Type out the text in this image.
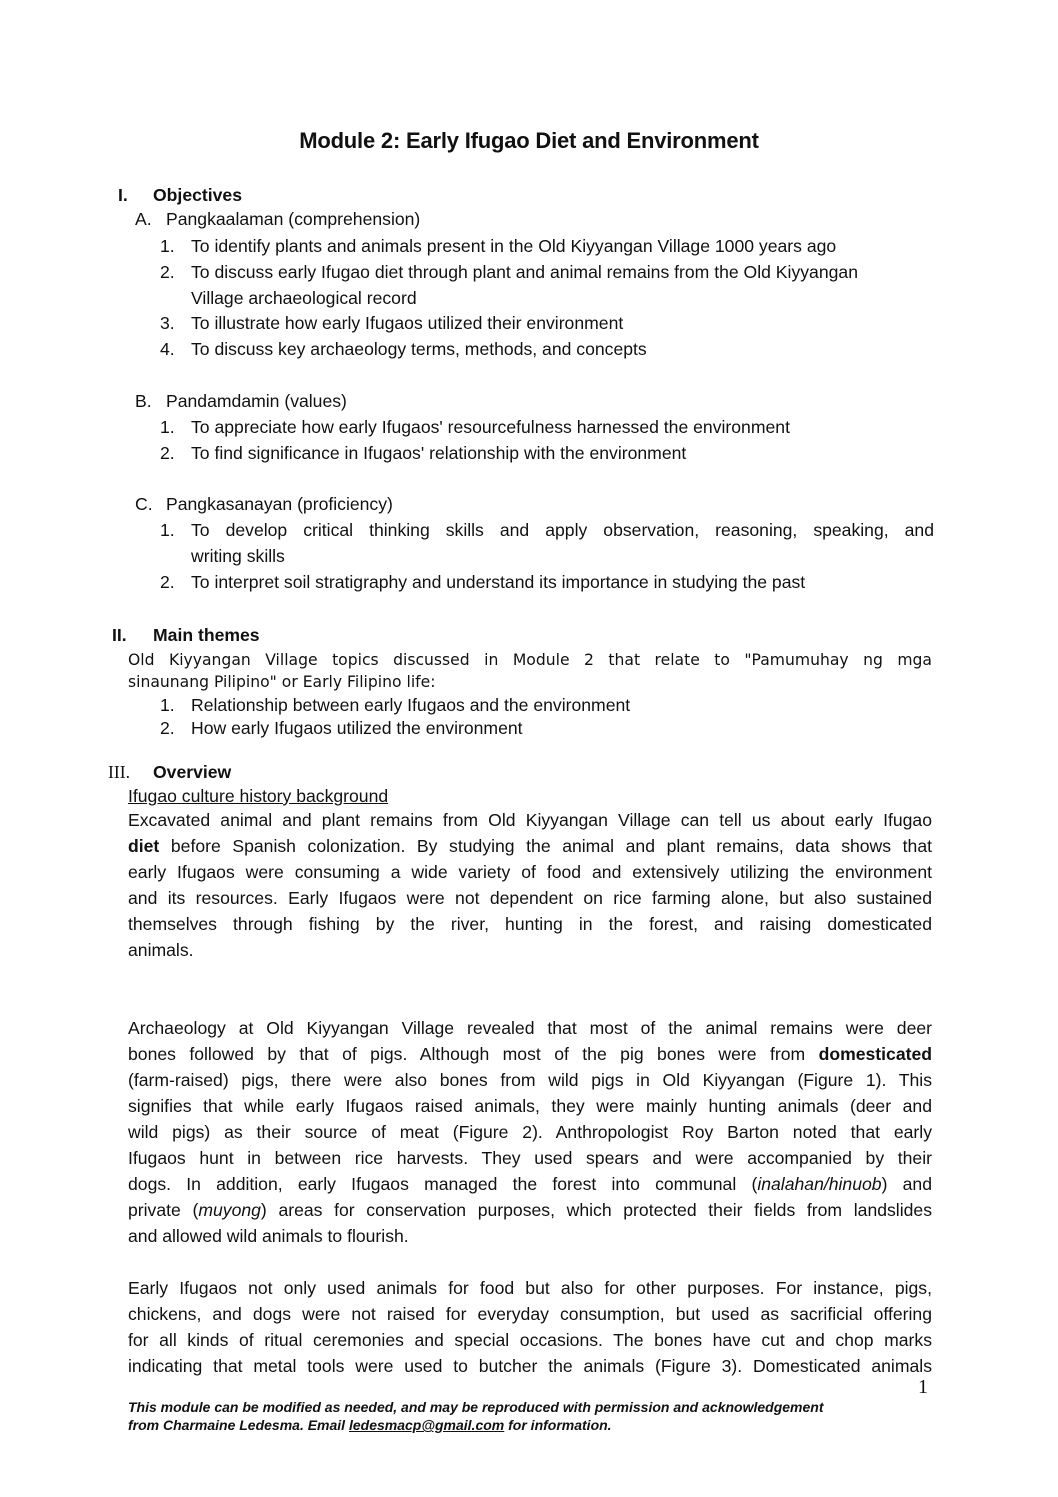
Module 2: Early Ifugao Diet and Environment
I. Objectives
A. Pangkaalaman (comprehension)
1. To identify plants and animals present in the Old Kiyyangan Village 1000 years ago
2. To discuss early Ifugao diet through plant and animal remains from the Old Kiyyangan
Village archaeological record
3. To illustrate how early Ifugaos utilized their environment
4. To discuss key archaeology terms, methods, and concepts
B. Pandamdamin (values)
1. To appreciate how early Ifugaos' resourcefulness harnessed the environment
2. To find significance in Ifugaos' relationship with the environment
C. Pangkasanayan (proficiency)
1. To develop critical thinking skills and apply observation, reasoning, speaking, and
writing skills
2. To interpret soil stratigraphy and understand its importance in studying the past
II. Main themes
Old Kiyyangan Village topics discussed in Module 2 that relate to "Pamumuhay ng mga
sinaunang Pilipino" or Early Filipino life:
1. Relationship between early Ifugaos and the environment
2. How early Ifugaos utilized the environment
III. Overview
Ifugao culture history background
Excavated animal and plant remains from Old Kiyyangan Village can tell us about early Ifugao
diet before Spanish colonization. By studying the animal and plant remains, data shows that
early Ifugaos were consuming a wide variety of food and extensively utilizing the environment
and its resources. Early Ifugaos were not dependent on rice farming alone, but also sustained
themselves through fishing by the river, hunting in the forest, and raising domesticated
animals.
Archaeology at Old Kiyyangan Village revealed that most of the animal remains were deer
bones followed by that of pigs. Although most of the pig bones were from domesticated
(farm-raised) pigs, there were also bones from wild pigs in Old Kiyyangan (Figure 1). This
signifies that while early Ifugaos raised animals, they were mainly hunting animals (deer and
wild pigs) as their source of meat (Figure 2). Anthropologist Roy Barton noted that early
Ifugaos hunt in between rice harvests. They used spears and were accompanied by their
dogs. In addition, early Ifugaos managed the forest into communal (inalahan/hinuob) and
private (muyong) areas for conservation purposes, which protected their fields from landslides
and allowed wild animals to flourish.
Early Ifugaos not only used animals for food but also for other purposes. For instance, pigs,
chickens, and dogs were not raised for everyday consumption, but used as sacrificial offering
for all kinds of ritual ceremonies and special occasions. The bones have cut and chop marks
indicating that metal tools were used to butcher the animals (Figure 3). Domesticated animals
1
This module can be modified as needed, and may be reproduced with permission and acknowledgement
from Charmaine Ledesma. Email ledesmacp@gmail.com for information.
